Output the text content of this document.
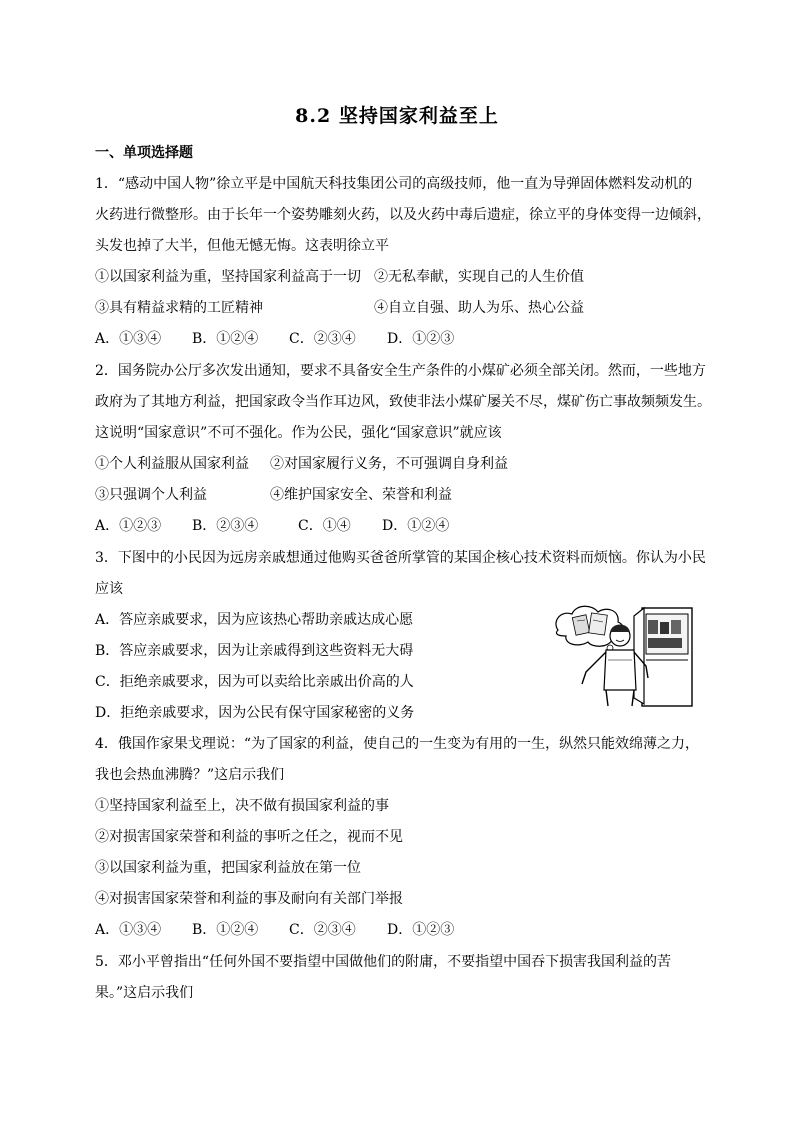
8.2 坚持国家利益至上
一、单项选择题
1．“感动中国人物”徐立平是中国航天科技集团公司的高级技师，他一直为导弹固体燃料发动机的
火药进行微整形。由于长年一个姿势雕刻火药，以及火药中毒后遗症，徐立平的身体变得一边倾斜，
头发也掉了大半，但他无憾无悔。这表明徐立平
①以国家利益为重，坚持国家利益高于一切 ②无私奉献，实现自己的人生价值
③具有精益求精的工匠精神	④自立自强、助人为乐、热心公益
A．①③④ B．①②④ C．②③④ D．①②③
2．国务院办公厅多次发出通知，要求不具备安全生产条件的小煤矿必须全部关闭。然而，一些地方
政府为了其地方利益，把国家政令当作耳边风，致使非法小煤矿屡关不尽，煤矿伤亡事故频频发生。
这说明“国家意识”不可不强化。作为公民，强化“国家意识”就应该
①个人利益服从国家利益 ②对国家履行义务，不可强调自身利益
③只强调个人利益	④维护国家安全、荣誉和利益
A．①②③ B．②③④	C．①④ D．①②④
3．下图中的小民因为远房亲戚想通过他购买爸爸所掌管的某国企核心技术资料而烦恼。你认为小民
应该
A．答应亲戚要求，因为应该热心帮助亲戚达成心愿
B．答应亲戚要求，因为让亲戚得到这些资料无大碍
C．拒绝亲戚要求，因为可以卖给比亲戚出价高的人
D．拒绝亲戚要求，因为公民有保守国家秘密的义务
4．俄国作家果戈理说：“为了国家的利益，使自己的一生变为有用的一生，纵然只能效绵薄之力，
我也会热血沸腾？”这启示我们
①坚持国家利益至上，决不做有损国家利益的事
②对损害国家荣誉和利益的事听之任之，视而不见
③以国家利益为重，把国家利益放在第一位
④对损害国家荣誉和利益的事及耐向有关部门举报
A．①③④ B．①②④ C．②③④ D．①②③
5．邓小平曾指出“任何外国不要指望中国做他们的附庸，不要指望中国吞下损害我国利益的苦
果。”这启示我们
